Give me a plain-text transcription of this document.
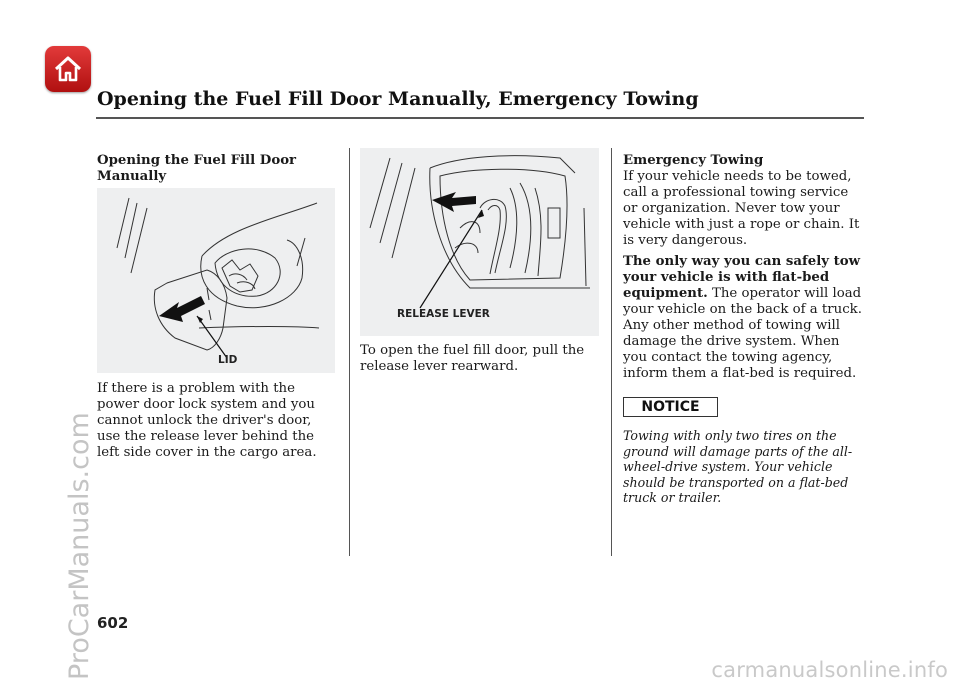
ProCarManuals.com
Opening the Fuel Fill Door Manually, Emergency Towing
Opening the Fuel Fill Door Manually
LID
If there is a problem with the power door lock system and you cannot unlock the driver's door, use the release lever behind the left side cover in the cargo area.
RELEASE LEVER
To open the fuel fill door, pull the release lever rearward.
Emergency Towing
If your vehicle needs to be towed, call a professional towing service or organization. Never tow your vehicle with just a rope or chain. It is very dangerous.
The only way you can safely tow your vehicle is with flat-bed equipment. The operator will load your vehicle on the back of a truck. Any other method of towing will damage the drive system. When you contact the towing agency, inform them a flat-bed is required.
NOTICE
Towing with only two tires on the ground will damage parts of the all-wheel-drive system. Your vehicle should be transported on a flat-bed truck or trailer.
602
carmanualsonline.info
